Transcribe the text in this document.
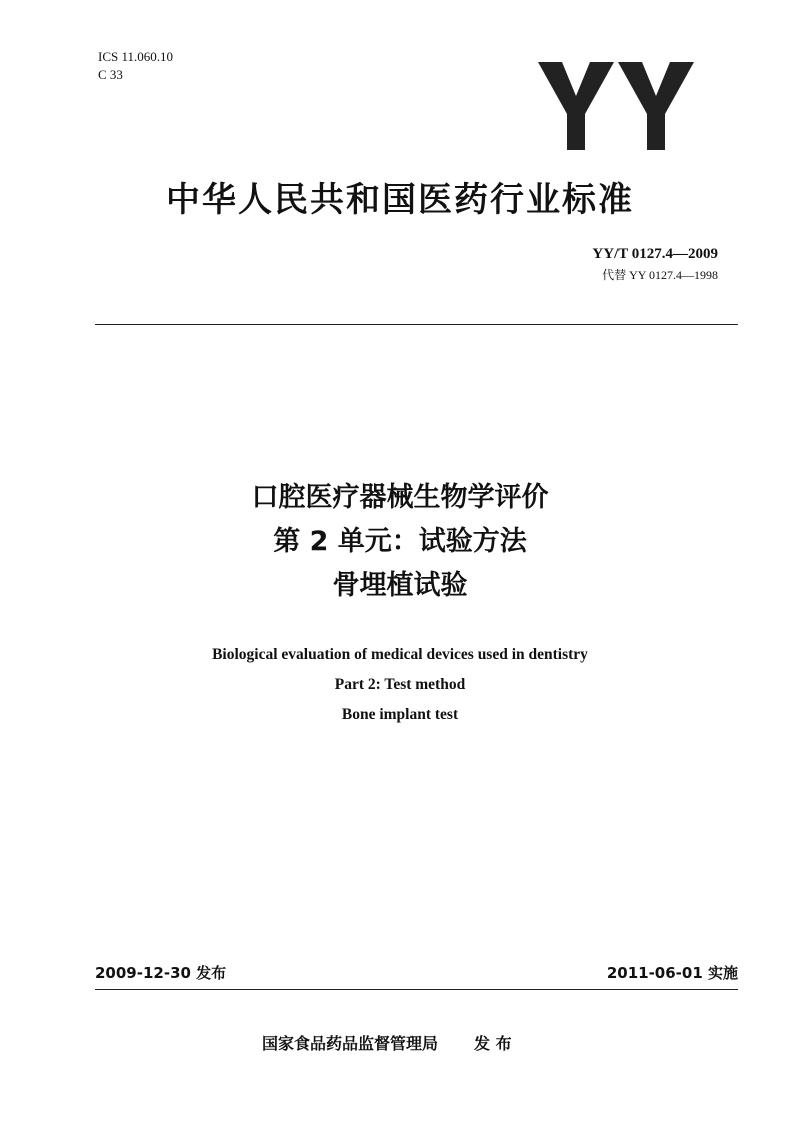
ICS 11.060.10
C 33
中华人民共和国医药行业标准
YY/T 0127.4—2009
代替 YY 0127.4—1998
口腔医疗器械生物学评价
第 2 单元：试验方法
骨埋植试验
Biological evaluation of medical devices used in dentistry
Part 2: Test method
Bone implant test
2009-12-30 发布	2011-06-01 实施
国家食品药品监督管理局 发 布
